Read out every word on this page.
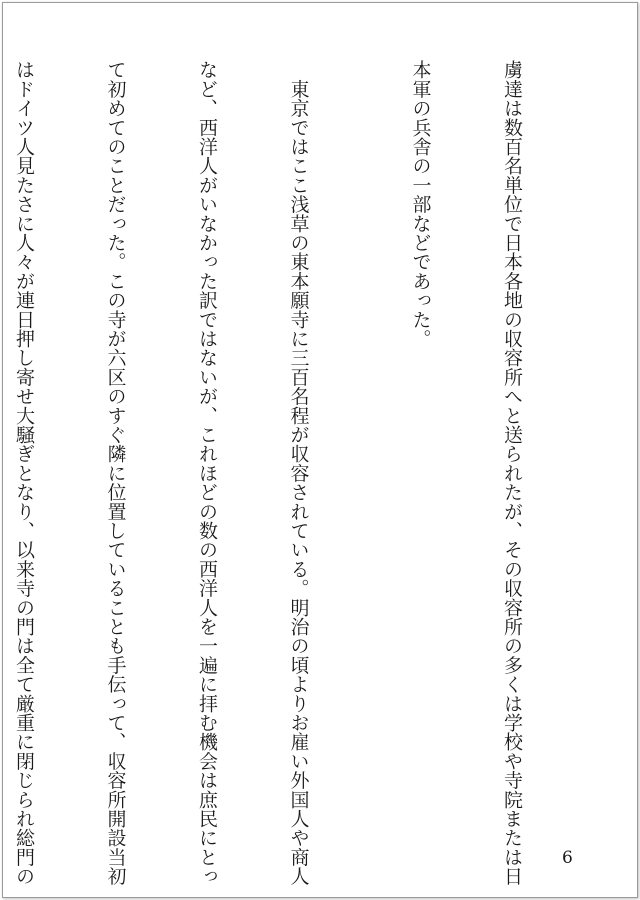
虜達は数百名単位で日本各地の収容所へと送られたが、その収容所の多くは学校や寺院または日

本軍の兵舎の一部などであった。

　東京ではここ浅草の東本願寺に三百名程が収容されている。明治の頃よりお雇い外国人や商人

など、西洋人がいなかった訳ではないが、これほどの数の西洋人を一遍に拝む機会は庶民にとっ

て初めてのことだった。この寺が六区のすぐ隣に位置していることも手伝って、収容所開設当初

はドイツ人見たさに人々が連日押し寄せ大騒ぎとなり、以来寺の門は全て厳重に閉じられ総門の

	6
